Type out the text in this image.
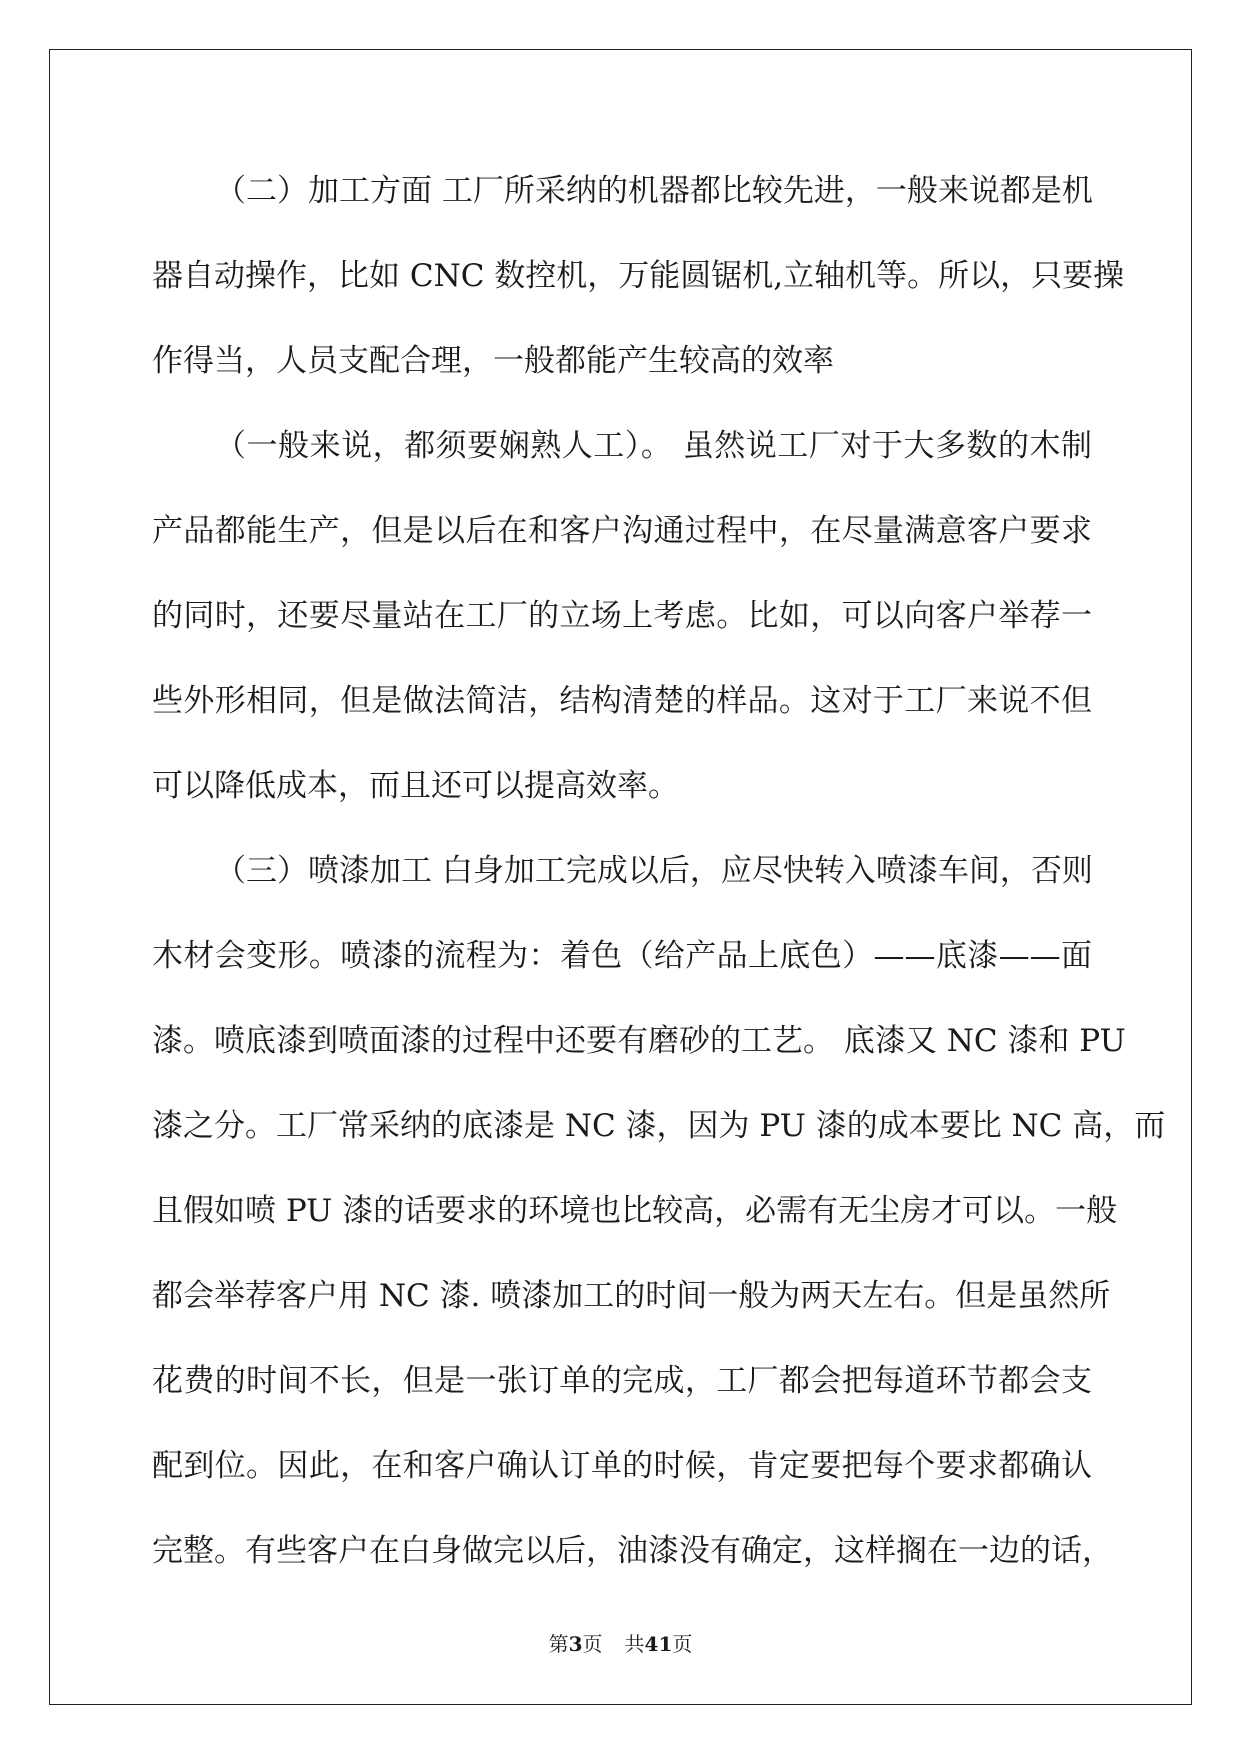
（二）加工方面 工厂所采纳的机器都比较先进，一般来说都是机
器自动操作，比如 CNC 数控机，万能圆锯机,立轴机等。所以，只要操
作得当，人员支配合理，一般都能产生较高的效率
（一般来说，都须要娴熟人工）。 虽然说工厂对于大多数的木制
产品都能生产，但是以后在和客户沟通过程中，在尽量满意客户要求
的同时，还要尽量站在工厂的立场上考虑。比如，可以向客户举荐一
些外形相同，但是做法简洁，结构清楚的样品。这对于工厂来说不但
可以降低成本，而且还可以提高效率。
（三）喷漆加工 白身加工完成以后，应尽快转入喷漆车间，否则
木材会变形。喷漆的流程为：着色（给产品上底色）——底漆——面
漆。喷底漆到喷面漆的过程中还要有磨砂的工艺。 底漆又 NC 漆和 PU
漆之分。工厂常采纳的底漆是 NC 漆，因为 PU 漆的成本要比 NC 高，而
且假如喷 PU 漆的话要求的环境也比较高，必需有无尘房才可以。一般
都会举荐客户用 NC 漆. 喷漆加工的时间一般为两天左右。但是虽然所
花费的时间不长，但是一张订单的完成，工厂都会把每道环节都会支
配到位。因此，在和客户确认订单的时候，肯定要把每个要求都确认
完整。有些客户在白身做完以后，油漆没有确定，这样搁在一边的话，
第3页 共41页
